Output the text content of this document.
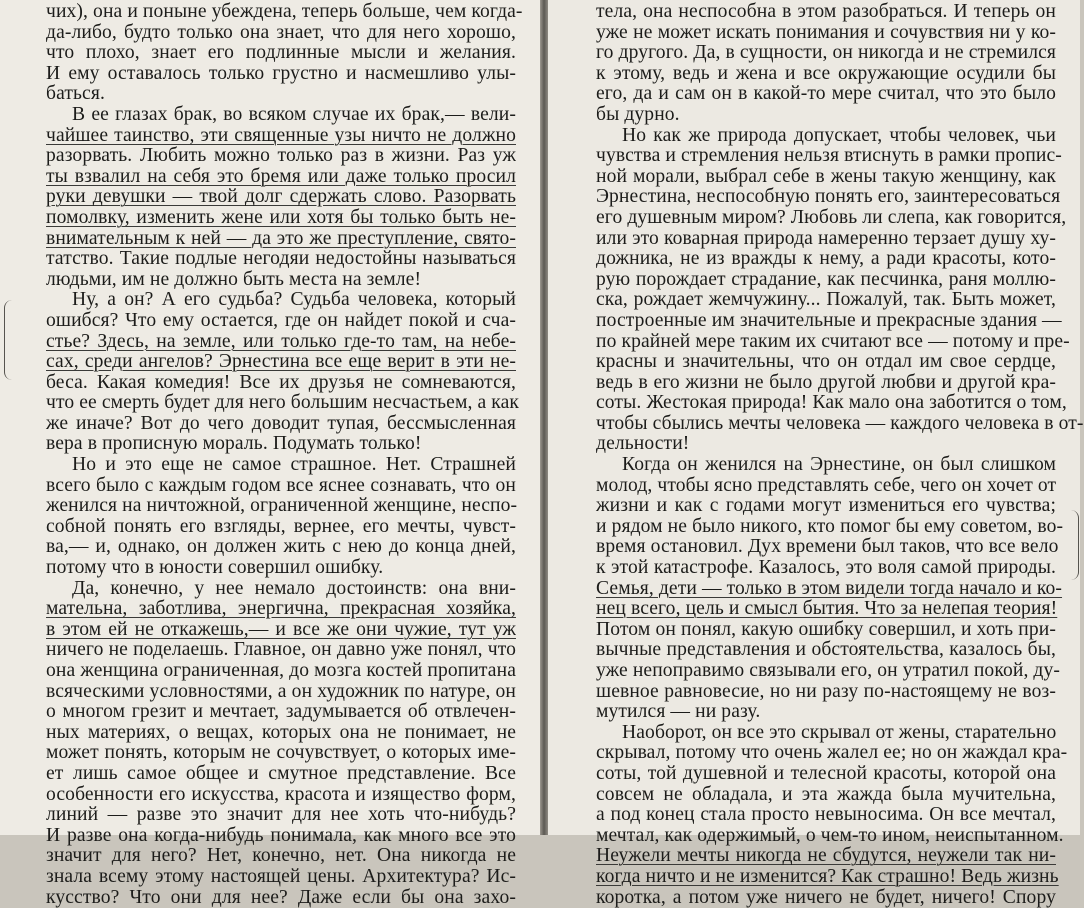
чих), она и поныне убеждена, теперь больше, чем когда-
да-либо, будто только она знает, что для него хорошо,
что плохо, знает его подлинные мысли и желания.
И ему оставалось только грустно и насмешливо улы-
баться.
В ее глазах брак, во всяком случае их брак,— вели-
чайшее таинство, эти священные узы ничто не должно
разорвать. Любить можно только раз в жизни. Раз уж
ты взвалил на себя это бремя или даже только просил
руки девушки — твой долг сдержать слово. Разорвать
помолвку, изменить жене или хотя бы только быть не-
внимательным к ней — да это же преступление, свято-
татство. Такие подлые негодяи недостойны называться
людьми, им не должно быть места на земле!
Ну, а он? А его судьба? Судьба человека, который
ошибся? Что ему остается, где он найдет покой и сча-
стье? Здесь, на земле, или только где-то там, на небе-
сах, среди ангелов? Эрнестина все еще верит в эти не-
беса. Какая комедия! Все их друзья не сомневаются,
что ее смерть будет для него большим несчастьем, а как
же иначе? Вот до чего доводит тупая, бессмысленная
вера в прописную мораль. Подумать только!
Но и это еще не самое страшное. Нет. Страшней
всего было с каждым годом все яснее сознавать, что он
женился на ничтожной, ограниченной женщине, неспо-
собной понять его взгляды, вернее, его мечты, чувст-
ва,— и, однако, он должен жить с нею до конца дней,
потому что в юности совершил ошибку.
Да, конечно, у нее немало достоинств: она вни-
мательна, заботлива, энергична, прекрасная хозяйка,
в этом ей не откажешь,— и все же они чужие, тут уж
ничего не поделаешь. Главное, он давно уже понял, что
она женщина ограниченная, до мозга костей пропитана
всяческими условностями, а он художник по натуре, он
о многом грезит и мечтает, задумывается об отвлечен-
ных материях, о вещах, которых она не понимает, не
может понять, которым не сочувствует, о которых име-
ет лишь самое общее и смутное представление. Все
особенности его искусства, красота и изящество форм,
линий — разве это значит для нее хоть что-нибудь?
И разве она когда-нибудь понимала, как много все это
значит для него? Нет, конечно, нет. Она никогда не
знала всему этому настоящей цены. Архитектура? Ис-
кусство? Что они для нее? Даже если бы она захо-
тела, она неспособна в этом разобраться. И теперь он
уже не может искать понимания и сочувствия ни у ко-
го другого. Да, в сущности, он никогда и не стремился
к этому, ведь и жена и все окружающие осудили бы
его, да и сам он в какой-то мере считал, что это было
бы дурно.
Но как же природа допускает, чтобы человек, чьи
чувства и стремления нельзя втиснуть в рамки пропис-
ной морали, выбрал себе в жены такую женщину, как
Эрнестина, неспособную понять его, заинтересоваться
его душевным миром? Любовь ли слепа, как говорится,
или это коварная природа намеренно терзает душу ху-
дожника, не из вражды к нему, а ради красоты, кото-
рую порождает страдание, как песчинка, раня моллю-
ска, рождает жемчужину... Пожалуй, так. Быть может,
построенные им значительные и прекрасные здания —
по крайней мере таким их считают все — потому и пре-
красны и значительны, что он отдал им свое сердце,
ведь в его жизни не было другой любви и другой кра-
соты. Жестокая природа! Как мало она заботится о том,
чтобы сбылись мечты человека — каждого человека в от-
дельности!
Когда он женился на Эрнестине, он был слишком
молод, чтобы ясно представлять себе, чего он хочет от
жизни и как с годами могут измениться его чувства;
и рядом не было никого, кто помог бы ему советом, во-
время остановил. Дух времени был таков, что все вело
к этой катастрофе. Казалось, это воля самой природы.
Семья, дети — только в этом видели тогда начало и ко-
нец всего, цель и смысл бытия. Что за нелепая теория!
Потом он понял, какую ошибку совершил, и хоть при-
вычные представления и обстоятельства, казалось бы,
уже непоправимо связывали его, он утратил покой, ду-
шевное равновесие, но ни разу по-настоящему не воз-
мутился — ни разу.
Наоборот, он все это скрывал от жены, старательно
скрывал, потому что очень жалел ее; но он жаждал кра-
соты, той душевной и телесной красоты, которой она
совсем не обладала, и эта жажда была мучительна,
а под конец стала просто невыносима. Он все мечтал,
мечтал, как одержимый, о чем-то ином, неиспытанном.
Неужели мечты никогда не сбудутся, неужели так ни-
когда ничто и не изменится? Как страшно! Ведь жизнь
коротка, а потом уже ничего не будет, ничего! Спору
